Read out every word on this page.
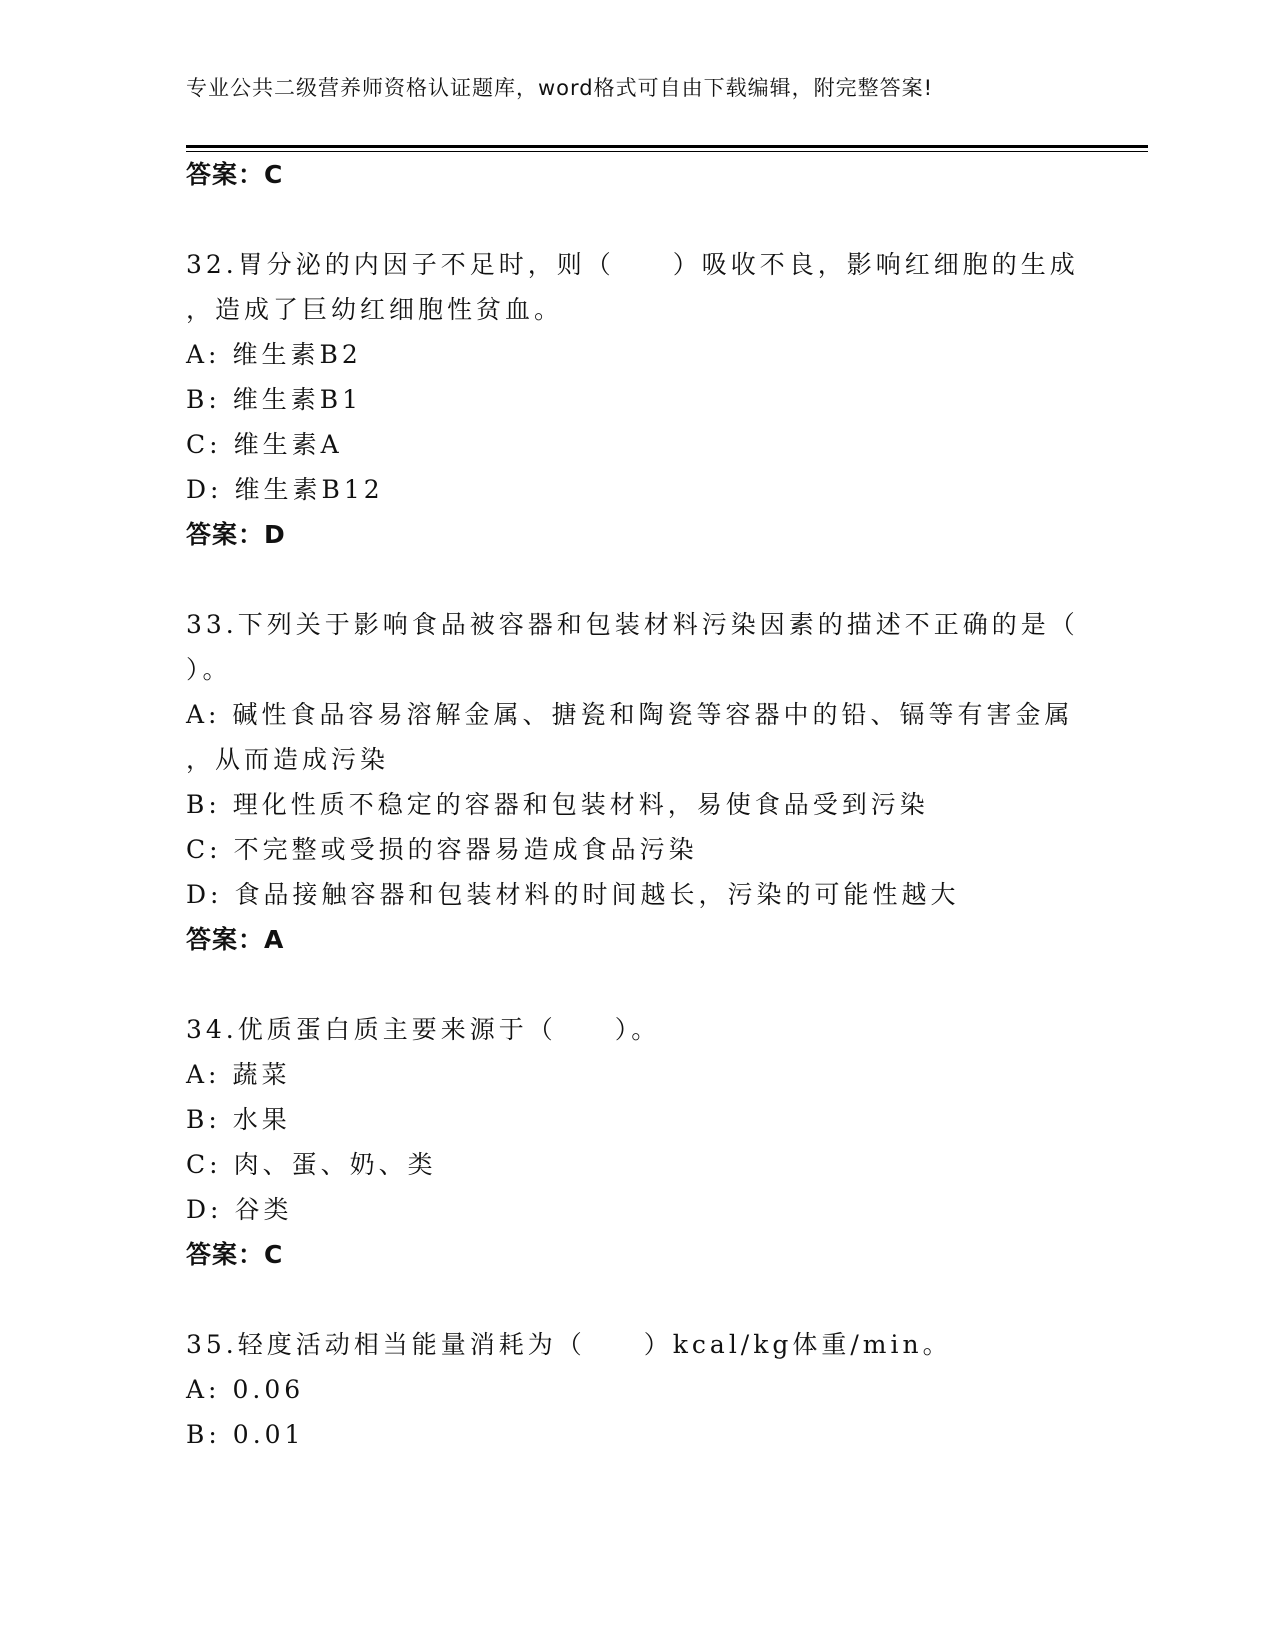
专业公共二级营养师资格认证题库，word格式可自由下载编辑，附完整答案!
答案：C
32.胃分泌的内因子不足时，则（　　）吸收不良，影响红细胞的生成
，造成了巨幼红细胞性贫血。
A: 维生素B2
B: 维生素B1
C: 维生素A
D: 维生素B12
答案：D
33.下列关于影响食品被容器和包装材料污染因素的描述不正确的是（
）。
A: 碱性食品容易溶解金属、搪瓷和陶瓷等容器中的铅、镉等有害金属
，从而造成污染
B: 理化性质不稳定的容器和包装材料，易使食品受到污染
C: 不完整或受损的容器易造成食品污染
D: 食品接触容器和包装材料的时间越长，污染的可能性越大
答案：A
34.优质蛋白质主要来源于（　　）。
A: 蔬菜
B: 水果
C: 肉、蛋、奶、类
D: 谷类
答案：C
35.轻度活动相当能量消耗为（　　）kcal/kg体重/min。
A: 0.06
B: 0.01
